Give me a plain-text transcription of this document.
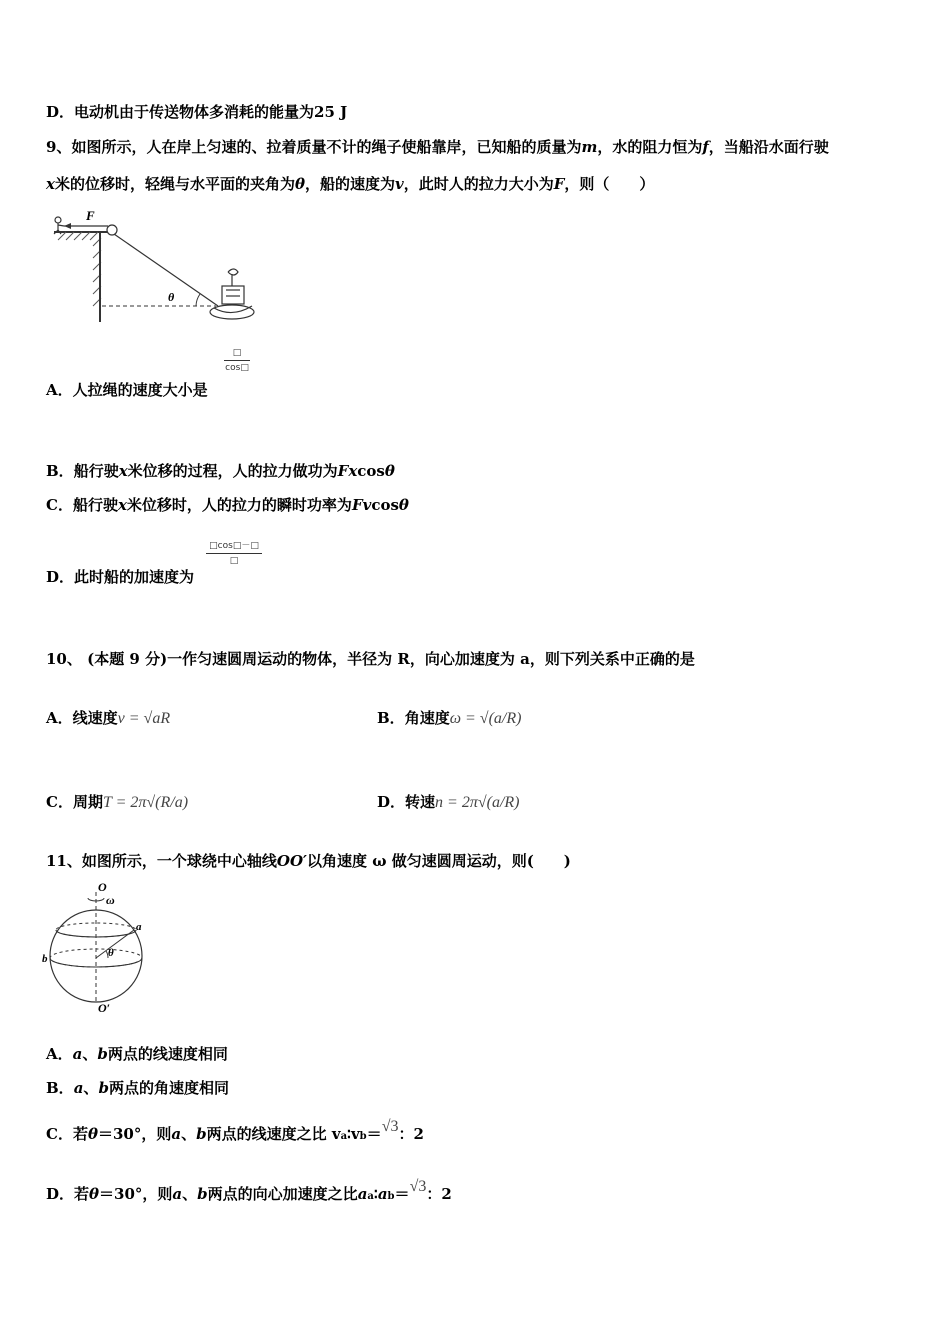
D．电动机由于传送物体多消耗的能量为25 J
9、如图所示，人在岸上匀速的、拉着质量不计的绳子使船靠岸，已知船的质量为m，水的阻力恒为f，当船沿水面行驶
x米的位移时，轻绳与水平面的夹角为θ，船的速度为v，此时人的拉力大小为F，则（　　）
F
θ
□
cos□
A．人拉绳的速度大小是
B．船行驶x米位移的过程，人的拉力做功为Fxcosθ
C．船行驶x米位移时，人的拉力的瞬时功率为Fvcosθ
□cos□－□
□
D．此时船的加速度为
10、 (本题 9 分)一作匀速圆周运动的物体，半径为 R，向心加速度为 a，则下列关系中正确的是
A．线速度v = √aR	B．角速度ω = √(a/R)
C．周期T = 2π√(R/a)	D．转速n = 2π√(a/R)
11、如图所示，一个球绕中心轴线OO′以角速度 ω 做匀速圆周运动，则(　　)
O
ω
a
b	θ
O′
A．a、b两点的线速度相同
B．a、b两点的角速度相同
C．若θ＝30°，则a、b两点的线速度之比 va∶vb＝√3：2
D．若θ＝30°，则a、b两点的向心加速度之比aa∶ab＝√3：2
